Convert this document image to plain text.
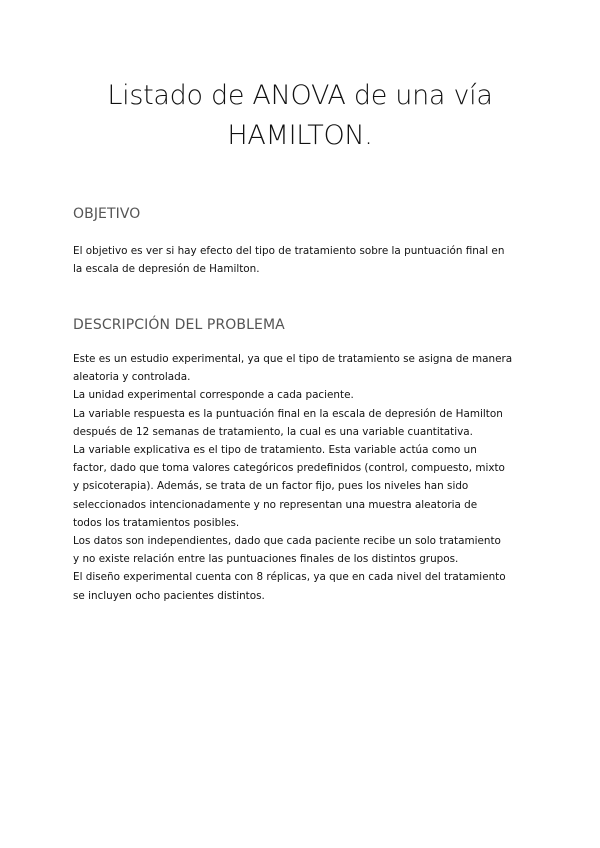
Listado de ANOVA de una vía
HAMILTON.
OBJETIVO
El objetivo es ver si hay efecto del tipo de tratamiento sobre la puntuación final en
la escala de depresión de Hamilton.
DESCRIPCIÓN DEL PROBLEMA
Este es un estudio experimental, ya que el tipo de tratamiento se asigna de manera
aleatoria y controlada.
La unidad experimental corresponde a cada paciente.
La variable respuesta es la puntuación final en la escala de depresión de Hamilton
después de 12 semanas de tratamiento, la cual es una variable cuantitativa.
La variable explicativa es el tipo de tratamiento. Esta variable actúa como un
factor, dado que toma valores categóricos predefinidos (control, compuesto, mixto
y psicoterapia). Además, se trata de un factor fijo, pues los niveles han sido
seleccionados intencionadamente y no representan una muestra aleatoria de
todos los tratamientos posibles.
Los datos son independientes, dado que cada paciente recibe un solo tratamiento
y no existe relación entre las puntuaciones finales de los distintos grupos.
El diseño experimental cuenta con 8 réplicas, ya que en cada nivel del tratamiento
se incluyen ocho pacientes distintos.
